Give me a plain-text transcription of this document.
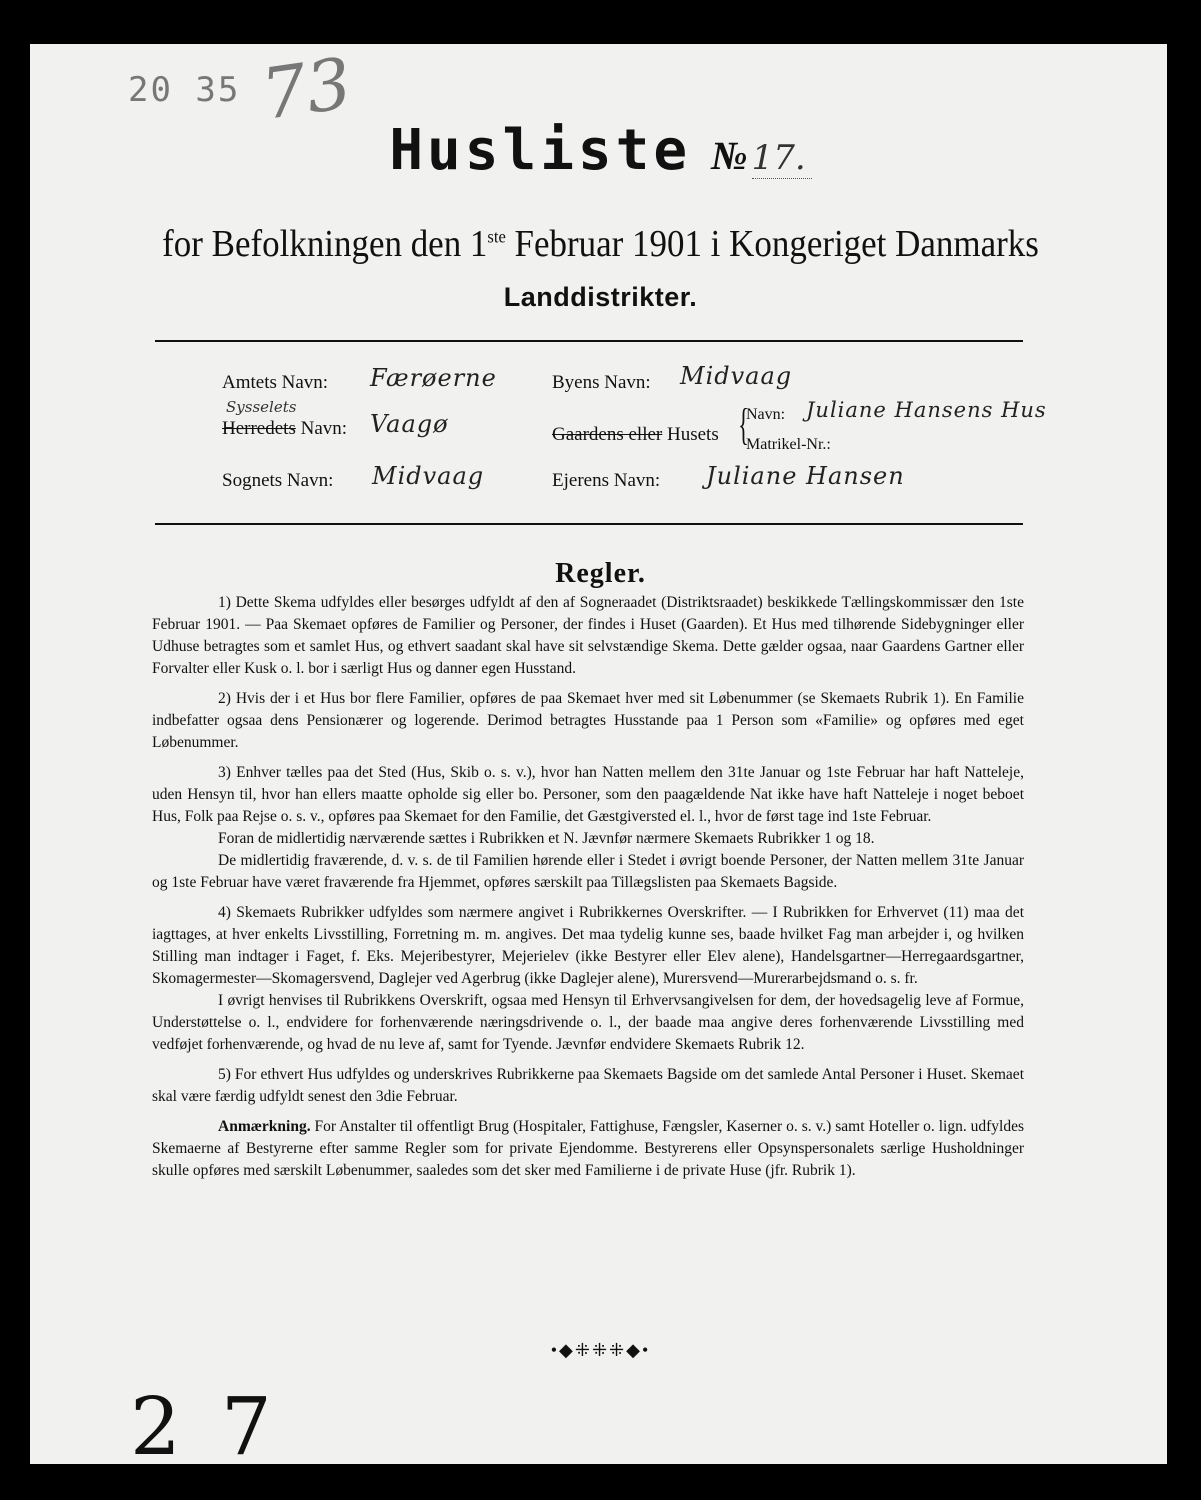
20 35 73
Husliste № 17.
for Befolkningen den 1ste Februar 1901 i Kongeriget Danmarks
Landdistrikter.
Amtets Navn: Færøerne
Sysselets
Herredets Navn: Vaagø
Sognets Navn: Midvaag
Byens Navn: Midvaag
Gaardens eller Husets {
Navn: Juliane Hansens Hus
Matrikel-Nr.:
Ejerens Navn: Juliane Hansen
Regler.

1) Dette Skema udfyldes eller besørges udfyldt af den af Sogneraadet (Distriktsraadet) beskikkede Tællingskommissær den 1ste Februar 1901. — Paa Skemaet opføres de Familier og Personer, der findes i Huset (Gaarden). Et Hus med tilhørende Sidebygninger eller Udhuse betragtes som et samlet Hus, og ethvert saadant skal have sit selvstændige Skema. Dette gælder ogsaa, naar Gaardens Gartner eller Forvalter eller Kusk o. l. bor i særligt Hus og danner egen Husstand.

2) Hvis der i et Hus bor flere Familier, opføres de paa Skemaet hver med sit Løbenummer (se Skemaets Rubrik 1). En Familie indbefatter ogsaa dens Pensionærer og logerende. Derimod betragtes Husstande paa 1 Person som «Familie» og opføres med eget Løbenummer.

3) Enhver tælles paa det Sted (Hus, Skib o. s. v.), hvor han Natten mellem den 31te Januar og 1ste Februar har haft Natteleje, uden Hensyn til, hvor han ellers maatte opholde sig eller bo. Personer, som den paagældende Nat ikke have haft Natteleje i noget beboet Hus, Folk paa Rejse o. s. v., opføres paa Skemaet for den Familie, det Gæstgiversted el. l., hvor de først tage ind 1ste Februar.

Foran de midlertidig nærværende sættes i Rubrikken et N. Jævnfør nærmere Skemaets Rubrikker 1 og 18.

De midlertidig fraværende, d. v. s. de til Familien hørende eller i Stedet i øvrigt boende Personer, der Natten mellem 31te Januar og 1ste Februar have været fraværende fra Hjemmet, opføres særskilt paa Tillægslisten paa Skemaets Bagside.

4) Skemaets Rubrikker udfyldes som nærmere angivet i Rubrikkernes Overskrifter. — I Rubrikken for Erhvervet (11) maa det iagttages, at hver enkelts Livsstilling, Forretning m. m. angives. Det maa tydelig kunne ses, baade hvilket Fag man arbejder i, og hvilken Stilling man indtager i Faget, f. Eks. Mejeribestyrer, Mejerielev (ikke Bestyrer eller Elev alene), Handelsgartner—Herregaardsgartner, Skomagermester—Skomagersvend, Daglejer ved Agerbrug (ikke Daglejer alene), Murersvend—Murerarbejdsmand o. s. fr.

I øvrigt henvises til Rubrikkens Overskrift, ogsaa med Hensyn til Erhvervsangivelsen for dem, der hovedsagelig leve af Formue, Understøttelse o. l., endvidere for forhenværende næringsdrivende o. l., der baade maa angive deres forhenværende Livsstilling med vedføjet forhenværende, og hvad de nu leve af, samt for Tyende. Jævnfør endvidere Skemaets Rubrik 12.

5) For ethvert Hus udfyldes og underskrives Rubrikkerne paa Skemaets Bagside om det samlede Antal Personer i Huset. Skemaet skal være færdig udfyldt senest den 3die Februar.

Anmærkning. For Anstalter til offentligt Brug (Hospitaler, Fattighuse, Fængsler, Kaserner o. s. v.) samt Hoteller o. lign. udfyldes Skemaerne af Bestyrerne efter samme Regler som for private Ejendomme. Bestyrerens eller Opsynspersonalets særlige Husholdninger skulle opføres med særskilt Løbenummer, saaledes som det sker med Familierne i de private Huse (jfr. Rubrik 1).

•◆⁜⁜⁜◆•
27
